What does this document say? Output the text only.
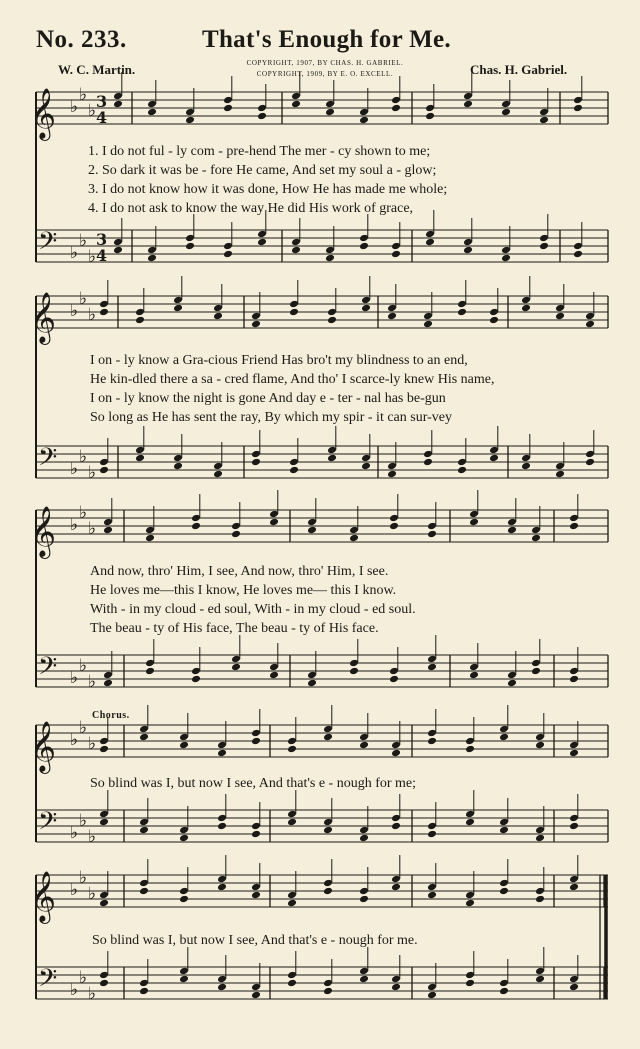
No. 233.	That's Enough for Me.
W. C. Martin.	COPYRIGHT, 1907, BY CHAS. H. GABRIEL.
COPYRIGHT, 1909, BY E. O. EXCELL.	Chas. H. Gabriel.
𝄞
𝄢
♭
♭
♭
♭
♭
♭
𝄞
𝄢
♭
♭
♭
♭
♭
♭
𝄞
𝄢
♭
♭
♭
♭
♭
♭
𝄞
𝄢
♭
♭
♭
♭
♭
♭
𝄞
𝄢
♭
♭
♭
♭
♭
♭
3
4
3
4
Chorus.
1. I do not ful - ly com - pre-hend The mer - cy shown to me;
2. So dark it was be - fore He came, And set my soul a - glow;
3. I do not know how it was done, How He has made me whole;
4. I do not ask to know the way He did His work of grace,
I on - ly know a Gra-cious Friend Has bro't my blindness to an end,
He kin-dled there a sa - cred flame, And tho' I scarce-ly knew His name,
I on - ly know the night is gone And day e - ter - nal has be-gun
So long as He has sent the ray, By which my spir - it can sur-vey
And now, thro' Him, I see, And now, thro' Him, I see.
He loves me—this I know, He loves me— this I know.
With - in my cloud - ed soul, With - in my cloud - ed soul.
The beau - ty of His face, The beau - ty of His face.
So blind was I, but now I see, And that's e - nough for me;
So blind was I, but now I see, And that's e - nough for me.
